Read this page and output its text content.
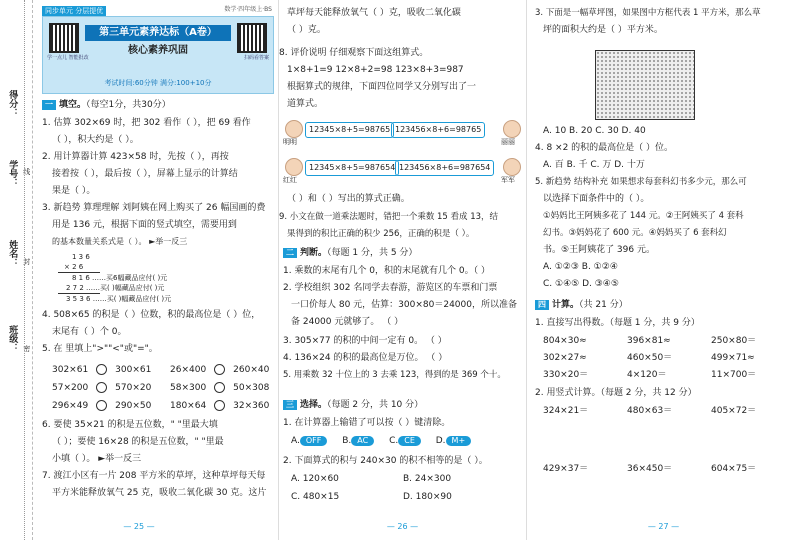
得分：
学号：
姓名：
班级：
线
封
密
同步单元 分层提优	数学·四年级上·BS
学一点儿 智能批改	扫码看答案
第三单元素养达标（A卷）
核心素养巩固
考试时间:60分钟 满分:100+10分
一 填空。（每空1分，共30分）
1. 估算 302×69 时，把 302 看作（ ），把 69 看作
（ ），积大约是（ ）。
2. 用计算器计算 423×58 时，先按（ ），再按
接着按（ ），最后按（ ），屏幕上显示的计算结
果是（ ）。
3. 新趋势 算理理解 刘阿姨在网上购买了 26 幅国画的费
用是 136 元，根据下面的竖式填空，需要用到
的基本数量关系式是（ ）。 ►举一反三
1 3 6
× 2 6
8 1 6 ……买6幅藏品应付( )元
2 7 2 ……买( )幅藏品应付( )元
3 5 3 6 ……买( )幅藏品应付( )元
4. 508×65 的积是（ ）位数，积的最高位是（ ）位，
末尾有（ ）个 0。
5. 在 里填上">""<"或"="。
302×61	300×61 26×400	260×40
57×200	570×20 58×300	50×308
296×49	290×50 180×64	32×360
6. 要使 35×21 的积是五位数，" "里最大填
（ ）；要使 16×28 的积是五位数，" "里最
小填（ ）。 ►举一反三
7. 渡江小区有一片 208 平方米的草坪，这种草坪每天每
平方米能释放氧气 25 克，吸收二氧化碳 30 克。这片
— 25 —
草坪每天能释放氧气（ ）克，吸收二氧化碳
（ ）克。
8. 评价说明 仔细观察下面这组算式。
1×8+1=9 12×8+2=98 123×8+3=987
根据算式的规律，下面四位同学又分别写出了一
道算式。
明明
12345×8+5=98765 123456×8+6=98765
丽丽
红红
12345×8+5=987654 123456×8+6=987654
军军
（ ）和（ ）写出的算式正确。
9. 小文在做一道乘法题时，错把一个乘数 15 看成 13，结
果得到的积比正确的积少 256，正确的积是（ ）。
二 判断。（每题 1 分，共 5 分）
1. 乘数的末尾有几个 0，积的末尾就有几个 0。（ ）
2. 学校组织 302 名同学去春游，游览区的车票和门票
一口价每人 80 元，估算：300×80＝24000，所以准备
备 24000 元就够了。 （ ）
3. 305×77 的积的中间一定有 0。 （ ）
4. 136×24 的积的最高位是万位。 （ ）
5. 用乘数 32 十位上的 3 去乘 123，得到的是 369 个十。
三 选择。（每题 2 分，共 10 分）
1. 在计算器上输错了可以按（ ）键清除。
A. OFF B. AC C. CE D. M+
2. 下面算式的积与 240×30 的积不相等的是（ ）。
A. 120×60	B. 24×300
C. 480×15	D. 180×90
— 26 —
3. 下面是一幅草坪图，如果图中方框代表 1 平方米，那么草
坪的面积大约是（ ）平方米。
A. 10 B. 20 C. 30 D. 40
4. 8 ×2 的积的最高位是（ ）位。
A. 百 B. 千 C. 万 D. 十万
5. 新趋势 结构补充 如果想求每套科幻书多少元，那么可
以选择下面条件中的（ ）。
①妈妈比王阿姨多花了 144 元。②王阿姨买了 4 套科
幻书。③妈妈花了 600 元。④妈妈买了 6 套科幻
书。⑤王阿姨花了 396 元。
A. ①②③ B. ①②④
C. ①④⑤ D. ③④⑤
四 计算。（共 21 分）
1. 直接写出得数。（每题 1 分，共 9 分）
804×30≈	396×81≈	250×80＝
302×27≈	460×50＝	499×71≈
330×20＝	4×120＝	11×700＝
2. 用竖式计算。（每题 2 分，共 12 分）
324×21＝	480×63＝	405×72＝
429×37＝	36×450＝	604×75＝
— 27 —
